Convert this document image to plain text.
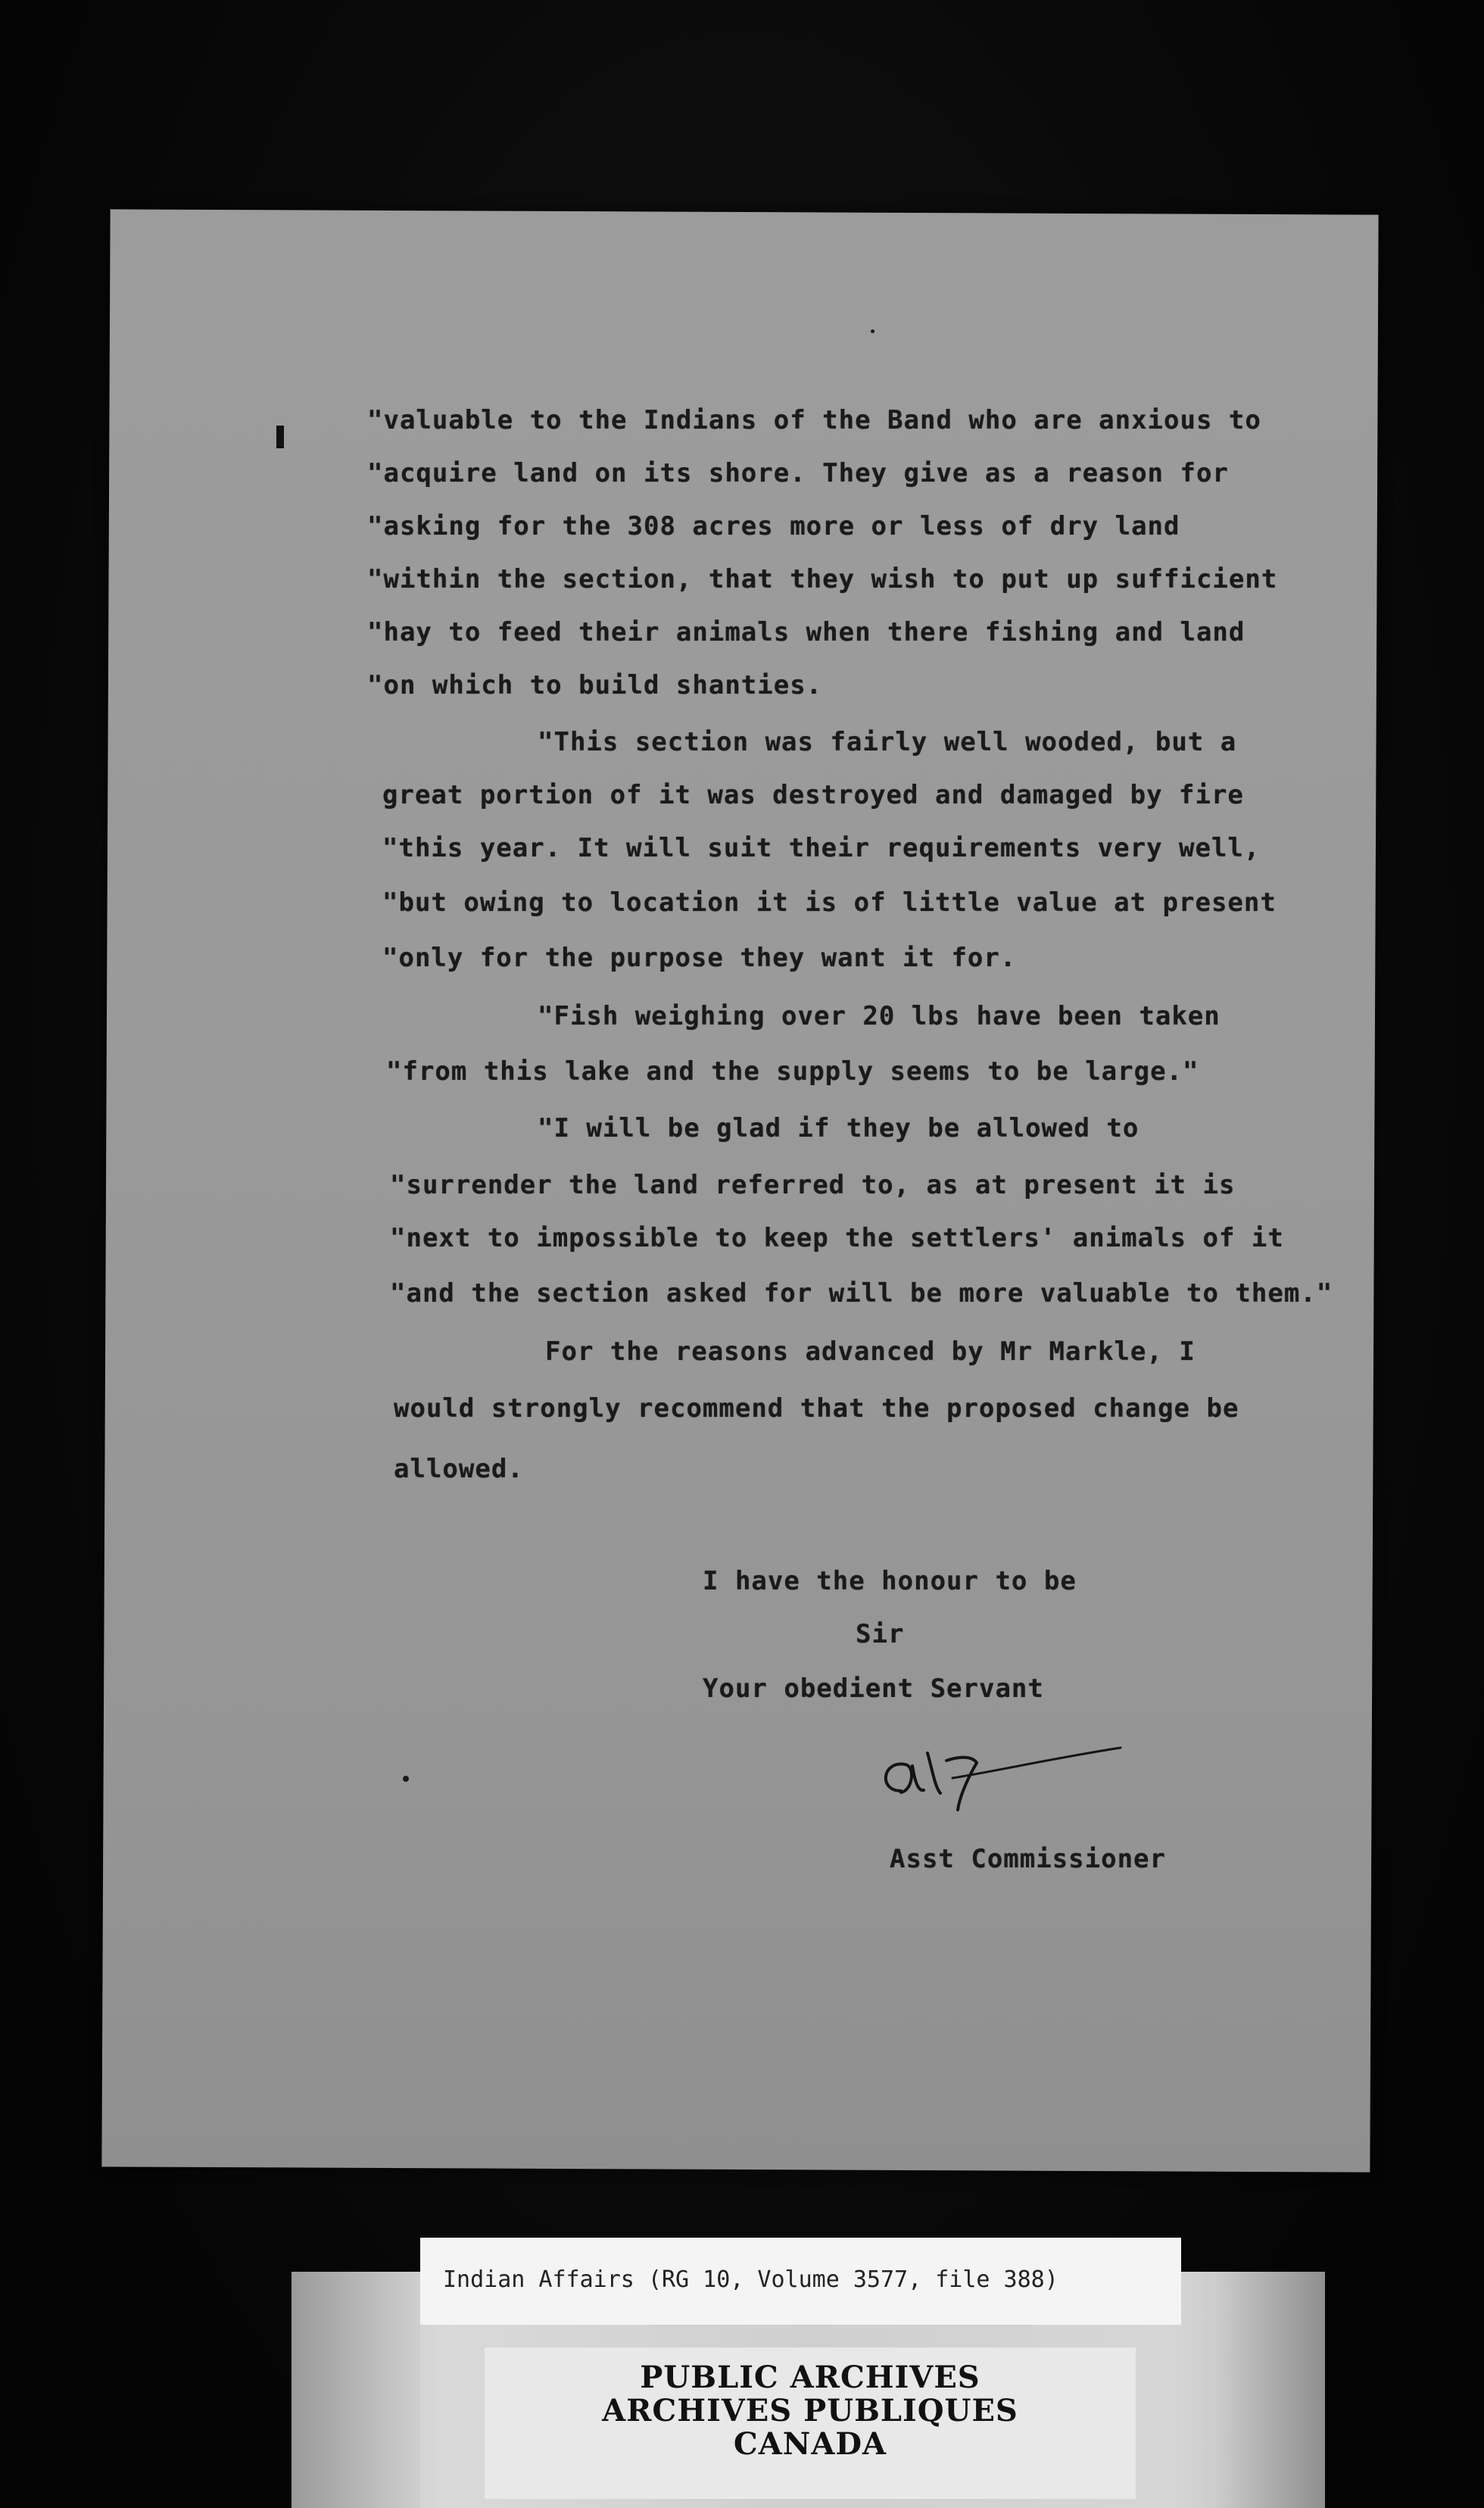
"valuable to the Indians of the Band who are anxious to
"acquire land on its shore. They give as a reason for
"asking for the 308 acres more or less of dry land
"within the section, that they wish to put up sufficient
"hay to feed their animals when there fishing and land
"on which to build shanties.
"This section was fairly well wooded, but a
great portion of it was destroyed and damaged by fire
"this year. It will suit their requirements very well,
"but owing to location it is of little value at present
"only for the purpose they want it for.
"Fish weighing over 20 lbs have been taken
"from this lake and the supply seems to be large."
"I will be glad if they be allowed to
"surrender the land referred to, as at present it is
"next to impossible to keep the settlers' animals of it
"and the section asked for will be more valuable to them."
For the reasons advanced by Mr Markle, I
would strongly recommend that the proposed change be
allowed.
I have the honour to be
Sir
Your obedient Servant
Asst Commissioner
Indian Affairs (RG 10, Volume 3577, file 388)
PUBLIC ARCHIVES
ARCHIVES PUBLIQUES
CANADA
